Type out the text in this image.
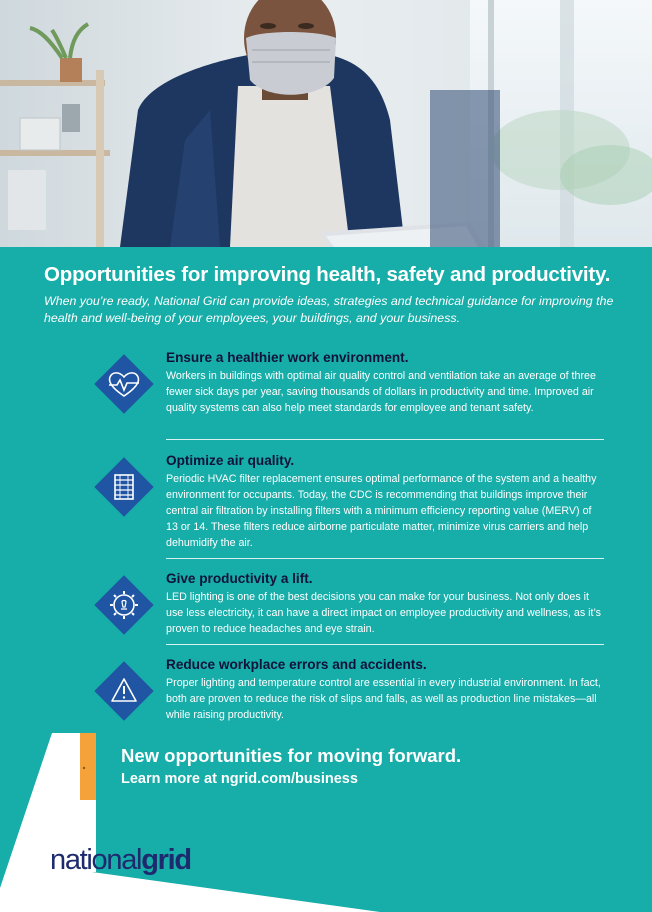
Opportunities for improving health, safety and productivity.

When you’re ready, National Grid can provide ideas, strategies and technical guidance for improving the health and well-being of your employees, your buildings, and your business.

Ensure a healthier work environment.

Workers in buildings with optimal air quality control and ventilation take an average of three fewer sick days per year, saving thousands of dollars in productivity and time. Improved air quality systems can also help meet standards for employee and tenant safety.

Optimize air quality.

Periodic HVAC filter replacement ensures optimal performance of the system and a healthy environment for occupants. Today, the CDC is recommending that buildings improve their central air filtration by installing filters with a minimum efficiency reporting value (MERV) of 13 or 14. These filters reduce airborne particulate matter, minimize virus carriers and help dehumidify the air.

Give productivity a lift.

LED lighting is one of the best decisions you can make for your business. Not only does it use less electricity, it can have a direct impact on employee productivity and wellness, as it’s proven to reduce headaches and eye strain.

Reduce workplace errors and accidents.

Proper lighting and temperature control are essential in every industrial environment. In fact, both are proven to reduce the risk of slips and falls, as well as production line mistakes—all while raising productivity.

New opportunities for moving forward.

Learn more at ngrid.com/business

nationalgrid
